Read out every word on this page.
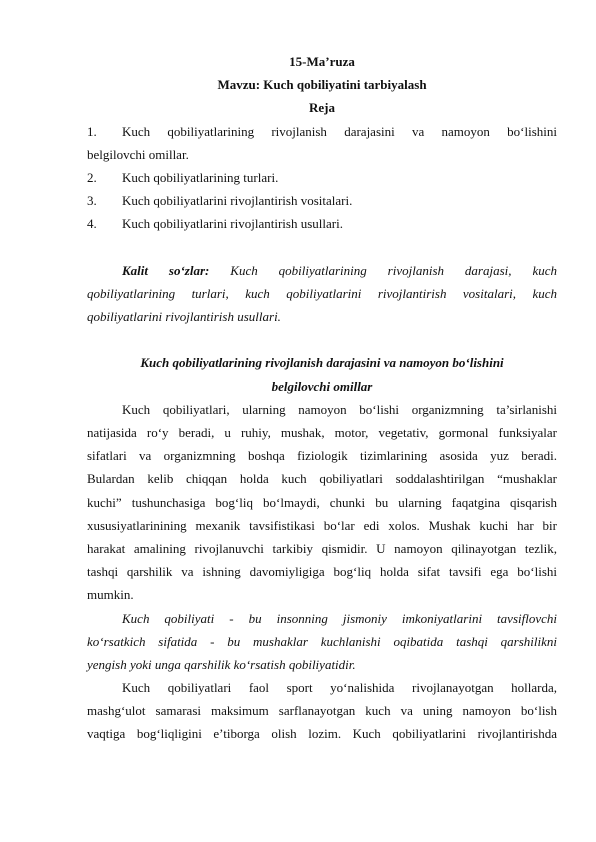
15-Ma’ruza
Mavzu: Kuch qobiliyatini tarbiyalash
Reja
1. Kuch qobiliyatlarining rivojlanish darajasini va namoyon bo‘lishini
belgilovchi omillar.
2. Kuch qobiliyatlarining turlari.
3. Kuch qobiliyatlarini rivojlantirish vositalari.
4. Kuch qobiliyatlarini rivojlantirish usullari.
Kalit so‘zlar: Kuch qobiliyatlarining rivojlanish darajasi, kuch
qobiliyatlarining turlari, kuch qobiliyatlarini rivojlantirish vositalari, kuch
qobiliyatlarini rivojlantirish usullari.
Kuch qobiliyatlarining rivojlanish darajasini va namoyon bo‘lishini
belgilovchi omillar
Kuch qobiliyatlari, ularning namoyon bo‘lishi organizmning ta’sirlanishi
natijasida ro‘y beradi, u ruhiy, mushak, motor, vegetativ, gormonal funksiyalar
sifatlari va organizmning boshqa fiziologik tizimlarining asosida yuz beradi.
Bulardan kelib chiqqan holda kuch qobiliyatlari soddalashtirilgan “mushaklar
kuchi” tushunchasiga bog‘liq bo‘lmaydi, chunki bu ularning faqatgina qisqarish
xususiyatlarinining mexanik tavsifistikasi bo‘lar edi xolos. Mushak kuchi har bir
harakat amalining rivojlanuvchi tarkibiy qismidir. U namoyon qilinayotgan tezlik,
tashqi qarshilik va ishning davomiyligiga bog‘liq holda sifat tavsifi ega bo‘lishi
mumkin.
Kuch qobiliyati - bu insonning jismoniy imkoniyatlarini tavsiflovchi
ko‘rsatkich sifatida - bu mushaklar kuchlanishi oqibatida tashqi qarshilikni
yengish yoki unga qarshilik ko‘rsatish qobiliyatidir.
Kuch qobiliyatlari faol sport yo‘nalishida rivojlanayotgan hollarda,
mashg‘ulot samarasi maksimum sarflanayotgan kuch va uning namoyon bo‘lish
vaqtiga bog‘liqligini e’tiborga olish lozim. Kuch qobiliyatlarini rivojlantirishda
